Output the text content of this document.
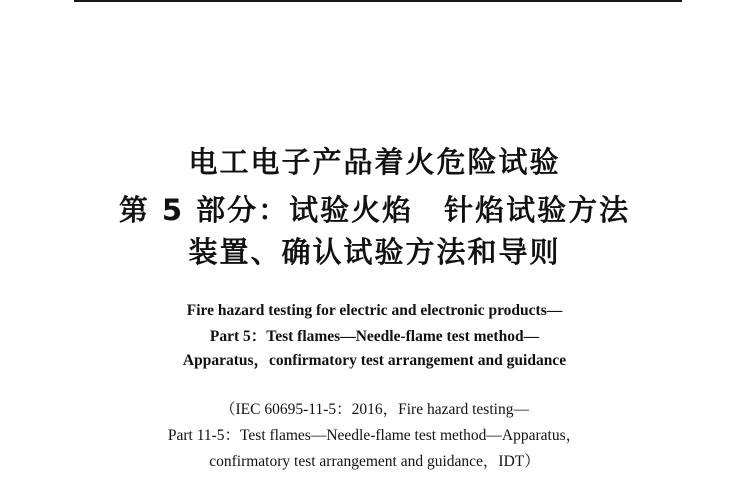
电工电子产品着火危险试验
第 5 部分：试验火焰　针焰试验方法
装置、确认试验方法和导则
Fire hazard testing for electric and electronic products—
Part 5：Test flames—Needle-flame test method—
Apparatus，confirmatory test arrangement and guidance
（IEC 60695-11-5：2016，Fire hazard testing—
Part 11-5：Test flames—Needle-flame test method—Apparatus，
confirmatory test arrangement and guidance，IDT）
